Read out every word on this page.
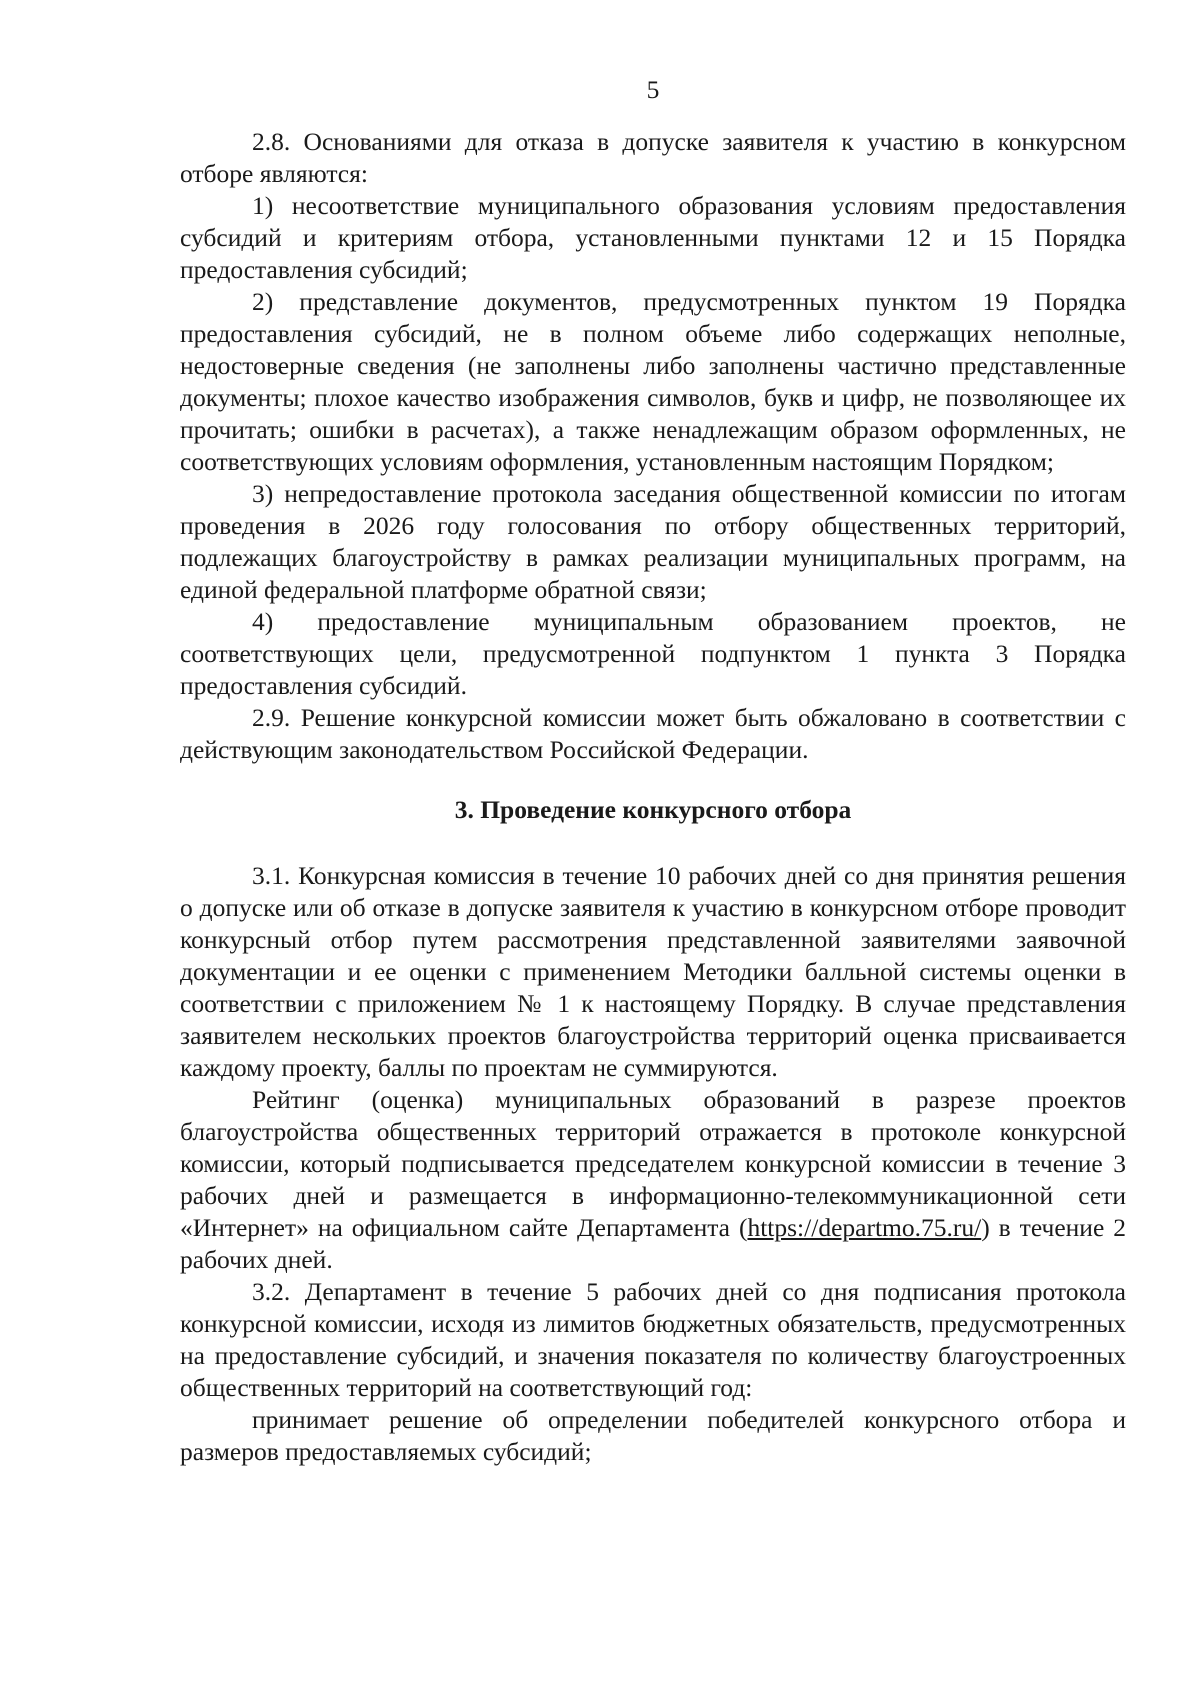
5

2.8. Основаниями для отказа в допуске заявителя к участию в конкурсном отборе являются:

1) несоответствие муниципального образования условиям предоставления субсидий и критериям отбора, установленными пунктами 12 и 15 Порядка предоставления субсидий;

2) представление документов, предусмотренных пунктом 19 Порядка предоставления субсидий, не в полном объеме либо содержащих неполные, недостоверные сведения (не заполнены либо заполнены частично представленные документы; плохое качество изображения символов, букв и цифр, не позволяющее их прочитать; ошибки в расчетах), а также ненадлежащим образом оформленных, не соответствующих условиям оформления, установленным настоящим Порядком;

3) непредоставление протокола заседания общественной комиссии по итогам проведения в 2026 году голосования по отбору общественных территорий, подлежащих благоустройству в рамках реализации муниципальных программ, на единой федеральной платформе обратной связи;

4) предоставление муниципальным образованием проектов, не соответствующих цели, предусмотренной подпунктом 1 пункта 3 Порядка предоставления субсидий.

2.9. Решение конкурсной комиссии может быть обжаловано в соответствии с действующим законодательством Российской Федерации.

3. Проведение конкурсного отбора

3.1. Конкурсная комиссия в течение 10 рабочих дней со дня принятия решения о допуске или об отказе в допуске заявителя к участию в конкурсном отборе проводит конкурсный отбор путем рассмотрения представленной заявителями заявочной документации и ее оценки с применением Методики балльной системы оценки в соответствии с приложением № 1 к настоящему Порядку. В случае представления заявителем нескольких проектов благоустройства территорий оценка присваивается каждому проекту, баллы по проектам не суммируются.

Рейтинг (оценка) муниципальных образований в разрезе проектов благоустройства общественных территорий отражается в протоколе конкурсной комиссии, который подписывается председателем конкурсной комиссии в течение 3 рабочих дней и размещается в информационно-телекоммуникационной сети «Интернет» на официальном сайте Департамента (https://departmo.75.ru/) в течение 2 рабочих дней.

3.2. Департамент в течение 5 рабочих дней со дня подписания протокола конкурсной комиссии, исходя из лимитов бюджетных обязательств, предусмотренных на предоставление субсидий, и значения показателя по количеству благоустроенных общественных территорий на соответствующий год:

принимает решение об определении победителей конкурсного отбора и размеров предоставляемых субсидий;
